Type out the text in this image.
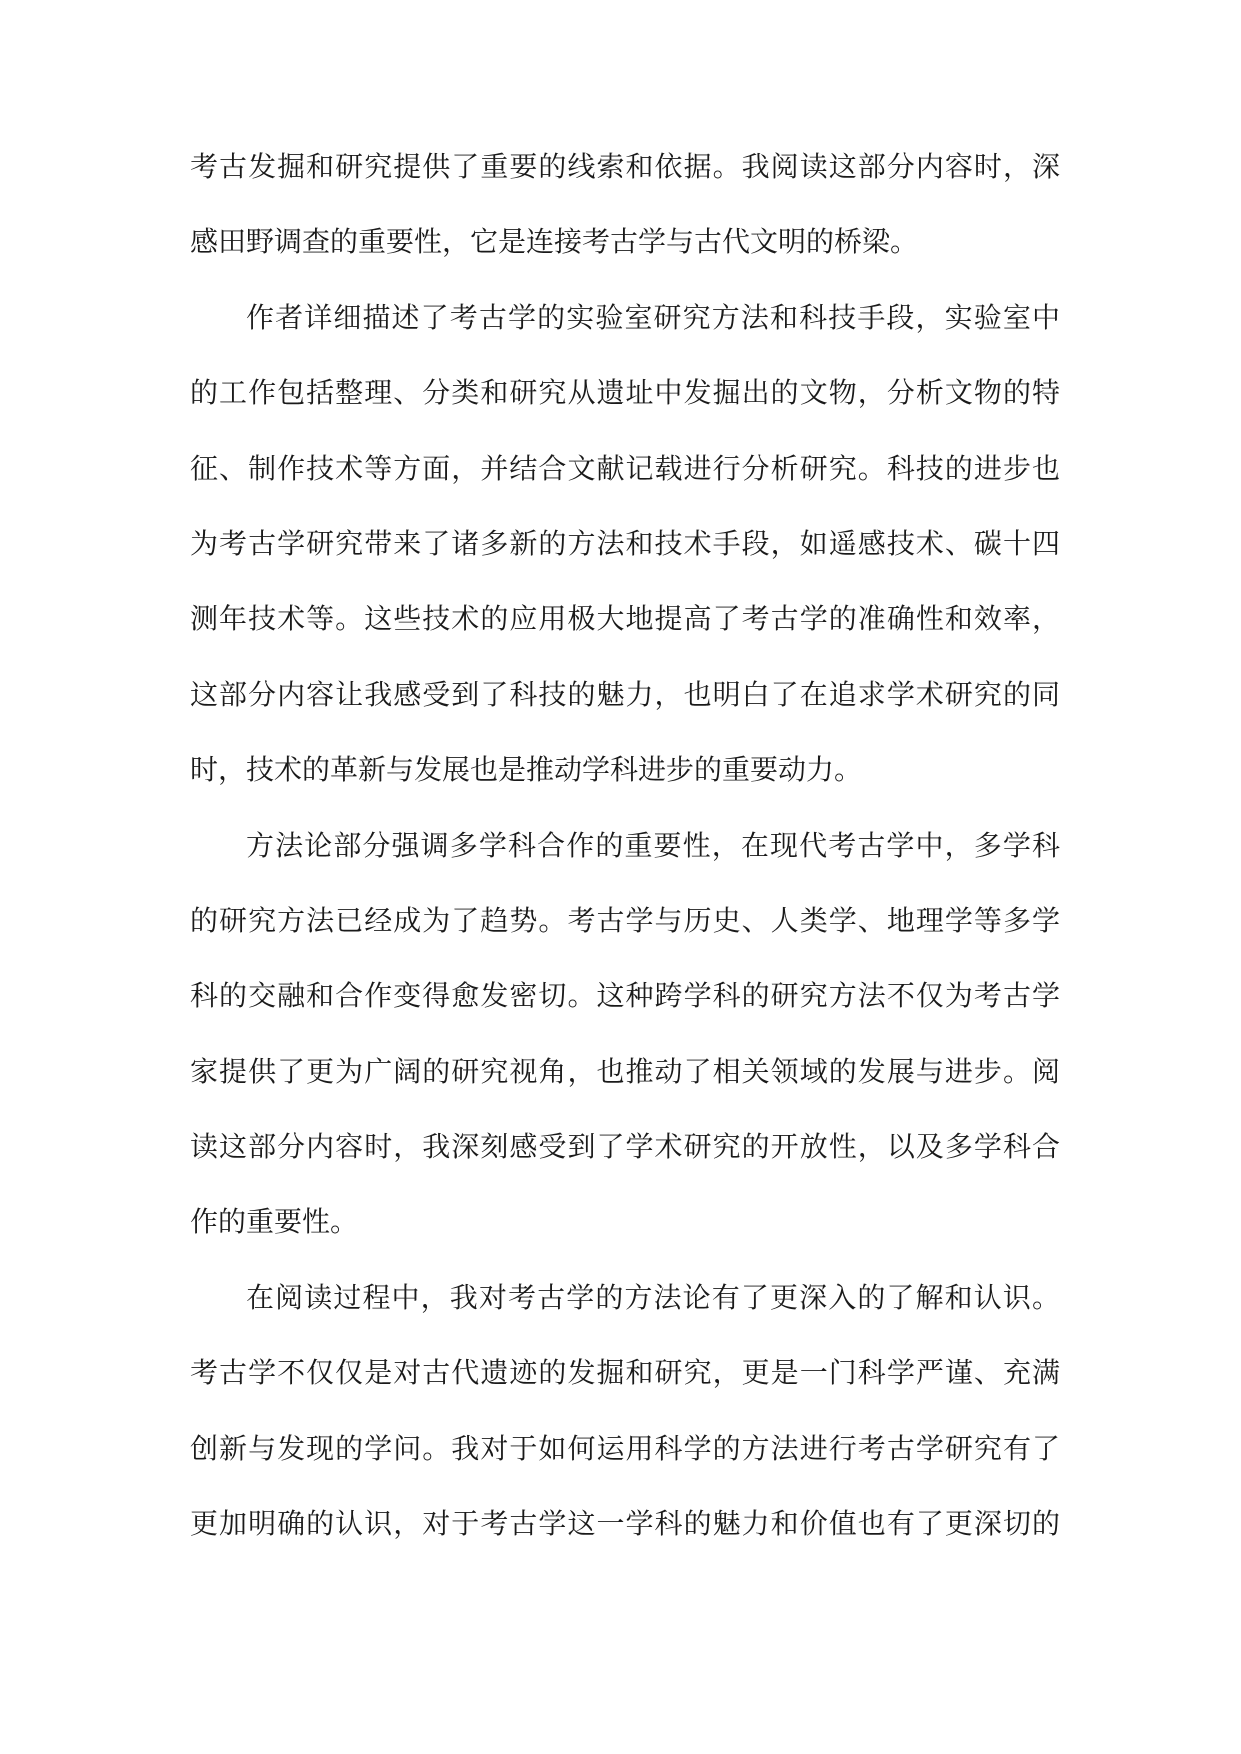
考古发掘和研究提供了重要的线索和依据。我阅读这部分内容时，深
感田野调查的重要性，它是连接考古学与古代文明的桥梁。
作者详细描述了考古学的实验室研究方法和科技手段，实验室中
的工作包括整理、分类和研究从遗址中发掘出的文物，分析文物的特
征、制作技术等方面，并结合文献记载进行分析研究。科技的进步也
为考古学研究带来了诸多新的方法和技术手段，如遥感技术、碳十四
测年技术等。这些技术的应用极大地提高了考古学的准确性和效率，
这部分内容让我感受到了科技的魅力，也明白了在追求学术研究的同
时，技术的革新与发展也是推动学科进步的重要动力。
方法论部分强调多学科合作的重要性，在现代考古学中，多学科
的研究方法已经成为了趋势。考古学与历史、人类学、地理学等多学
科的交融和合作变得愈发密切。这种跨学科的研究方法不仅为考古学
家提供了更为广阔的研究视角，也推动了相关领域的发展与进步。阅
读这部分内容时，我深刻感受到了学术研究的开放性，以及多学科合
作的重要性。
在阅读过程中，我对考古学的方法论有了更深入的了解和认识。
考古学不仅仅是对古代遗迹的发掘和研究，更是一门科学严谨、充满
创新与发现的学问。我对于如何运用科学的方法进行考古学研究有了
更加明确的认识，对于考古学这一学科的魅力和价值也有了更深切的
